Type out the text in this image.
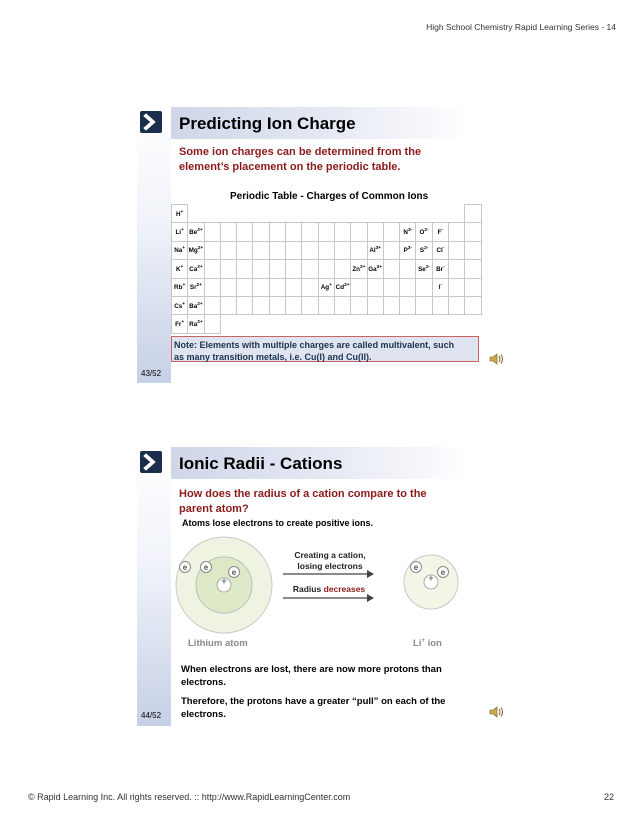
High School Chemistry Rapid Learning Series - 14
Predicting Ion Charge
Some ion charges can be determined from the
element’s placement on the periodic table.
Periodic Table - Charges of Common Ions
H+																		
Li+	$Be^{2+}$													$N^{3-}$	$O^{2-}$	F-		
Na+	$Mg^{2+}$											$Al^{3+}$		$P^{3-}$	$S^{2-}$	Cl-		
K+	$Ca^{2+}$										$Zn^{2+}$	$Ga^{3+}$			$Se^{2-}$	Br-		
Rb+	$Sr^{2+}$								Ag+	$Cd^{2+}$						I-		
Cs+	$Ba^{2+}$																	
Fr+	$Ra^{2+}$																	
Note: Elements with multiple charges are called multivalent, such
as many transition metals, i.e. Cu(I) and Cu(II).
43/52
Ionic Radii - Cations
How does the radius of a cation compare to the
parent atom?
Atoms lose electrons to create positive ions.
+
e	e
e
Creating a cation,
losing electrons
Radius decreases
+
e
e
Lithium atom	Li+ ion
When electrons are lost, there are now more protons than
electrons.
Therefore, the protons have a greater “pull” on each of the
electrons.
44/52
© Rapid Learning Inc. All rights reserved. :: http://www.RapidLearningCenter.com	22
